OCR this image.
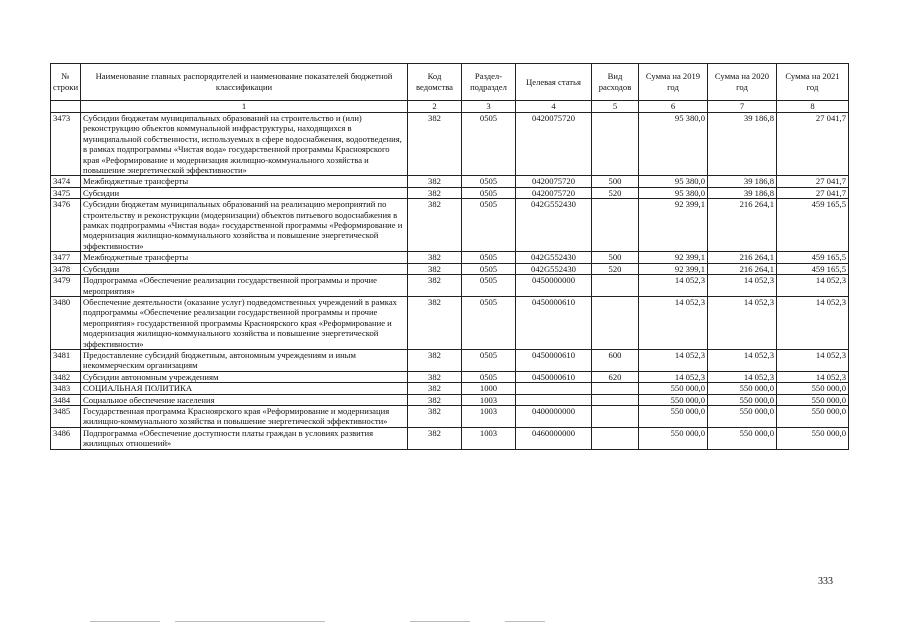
№ строки	Наименование главных распорядителей и наименование показателей бюджетной классификации	Код ведомства	Раздел-подраздел	Целевая статья	Вид расходов	Сумма на 2019 год	Сумма на 2020 год	Сумма на 2021 год
	1	2	3	4	5	6	7	8
3473	Субсидии бюджетам муниципальных образований на строительство и (или) реконструкцию объектов коммунальной инфраструктуры, находящихся в муниципальной собственности, используемых в сфере водоснабжения, водоотведения, в рамках подпрограммы «Чистая вода» государственной программы Красноярского края «Реформирование и модернизация жилищно-коммунального хозяйства и повышение энергетической эффективности»	382	0505	0420075720		95 380,0	39 186,8	27 041,7
3474	Межбюджетные трансферты	382	0505	0420075720	500	95 380,0	39 186,8	27 041,7
3475	Субсидии	382	0505	0420075720	520	95 380,0	39 186,8	27 041,7
3476	Субсидии бюджетам муниципальных образований на реализацию мероприятий по строительству и реконструкции (модернизации) объектов питьевого водоснабжения в рамках подпрограммы «Чистая вода» государственной программы «Реформирование и модернизация жилищно-коммунального хозяйства и повышение энергетической эффективности»	382	0505	042G552430		92 399,1	216 264,1	459 165,5
3477	Межбюджетные трансферты	382	0505	042G552430	500	92 399,1	216 264,1	459 165,5
3478	Субсидии	382	0505	042G552430	520	92 399,1	216 264,1	459 165,5
3479	Подпрограмма «Обеспечение реализации государственной программы и прочие мероприятия»	382	0505	0450000000		14 052,3	14 052,3	14 052,3
3480	Обеспечение деятельности (оказание услуг) подведомственных учреждений в рамках подпрограммы «Обеспечение реализации государственной программы и прочие мероприятия» государственной программы Красноярского края «Реформирование и модернизация жилищно-коммунального хозяйства и повышение энергетической эффективности»	382	0505	0450000610		14 052,3	14 052,3	14 052,3
3481	Предоставление субсидий бюджетным, автономным учреждениям и иным некоммерческим организациям	382	0505	0450000610	600	14 052,3	14 052,3	14 052,3
3482	Субсидии автономным учреждениям	382	0505	0450000610	620	14 052,3	14 052,3	14 052,3
3483	СОЦИАЛЬНАЯ ПОЛИТИКА	382	1000			550 000,0	550 000,0	550 000,0
3484	Социальное обеспечение населения	382	1003			550 000,0	550 000,0	550 000,0
3485	Государственная программа Красноярского края «Реформирование и модернизация жилищно-коммунального хозяйства и повышение энергетической эффективности»	382	1003	0400000000		550 000,0	550 000,0	550 000,0
3486	Подпрограмма «Обеспечение доступности платы граждан в условиях развития жилищных отношений»	382	1003	0460000000		550 000,0	550 000,0	550 000,0
333
